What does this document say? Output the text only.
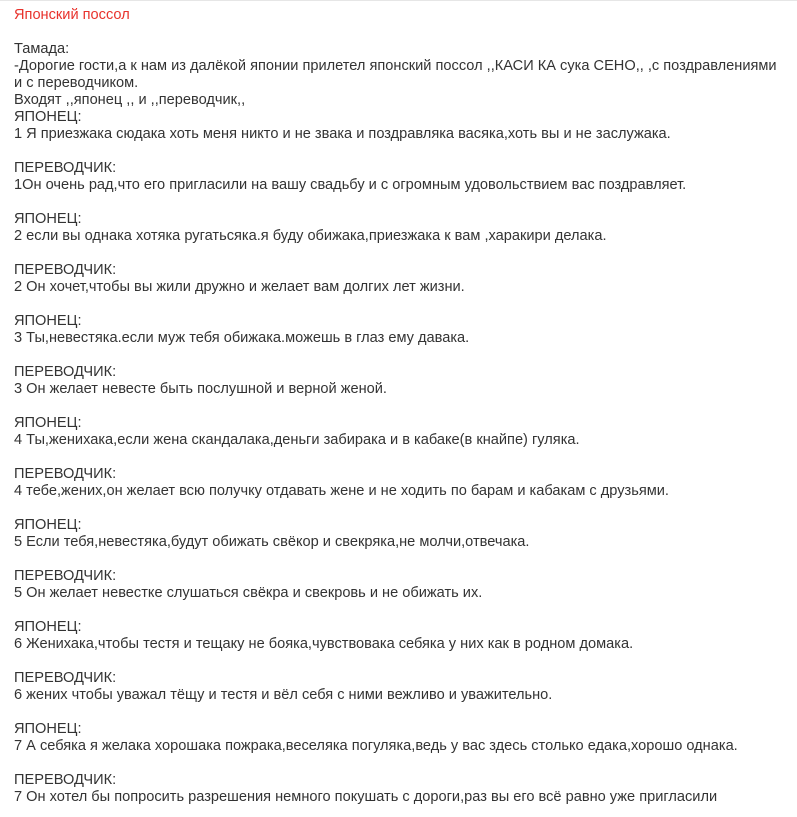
Японский поссол
Тамада:
-Дорогие гости,а к нам из далёкой японии прилетел японский поссол ,,КАСИ КА сука СЕНО,, ,с поздравлениями
и с переводчиком.
Входят ,,японец ,, и ,,переводчик,,
ЯПОНЕЦ:
1 Я приезжака сюдака хоть меня никто и не звака и поздравляка васяка,хоть вы и не заслужака.
ПЕРЕВОДЧИК:
1Он очень рад,что его пригласили на вашу свадьбу и с огромным удовольствием вас поздравляет.
ЯПОНЕЦ:
2 если вы однака хотяка ругатьсяка.я буду обижака,приезжака к вам ,харакири делака.
ПЕРЕВОДЧИК:
2 Он хочет,чтобы вы жили дружно и желает вам долгих лет жизни.
ЯПОНЕЦ:
3 Ты,невестяка.если муж тебя обижака.можешь в глаз ему давака.
ПЕРЕВОДЧИК:
3 Он желает невесте быть послушной и верной женой.
ЯПОНЕЦ:
4 Ты,женихака,если жена скандалака,деньги забирака и в кабаке(в кнайпе) гуляка.
ПЕРЕВОДЧИК:
4 тебе,жених,он желает всю получку отдавать жене и не ходить по барам и кабакам с друзьями.
ЯПОНЕЦ:
5 Если тебя,невестяка,будут обижать свёкор и свекряка,не молчи,отвечака.
ПЕРЕВОДЧИК:
5 Он желает невестке слушаться свёкра и свекровь и не обижать их.
ЯПОНЕЦ:
6 Женихака,чтобы тестя и тещаку не бояка,чувствовака себяка у них как в родном домака.
ПЕРЕВОДЧИК:
6 жених чтобы уважал тёщу и тестя и вёл себя с ними вежливо и уважительно.
ЯПОНЕЦ:
7 А себяка я желака хорошака пожрака,веселяка погуляка,ведь у вас здесь столько едака,хорошо однака.
ПЕРЕВОДЧИК:
7 Он хотел бы попросить разрешения немного покушать с дороги,раз вы его всё равно уже пригласили
